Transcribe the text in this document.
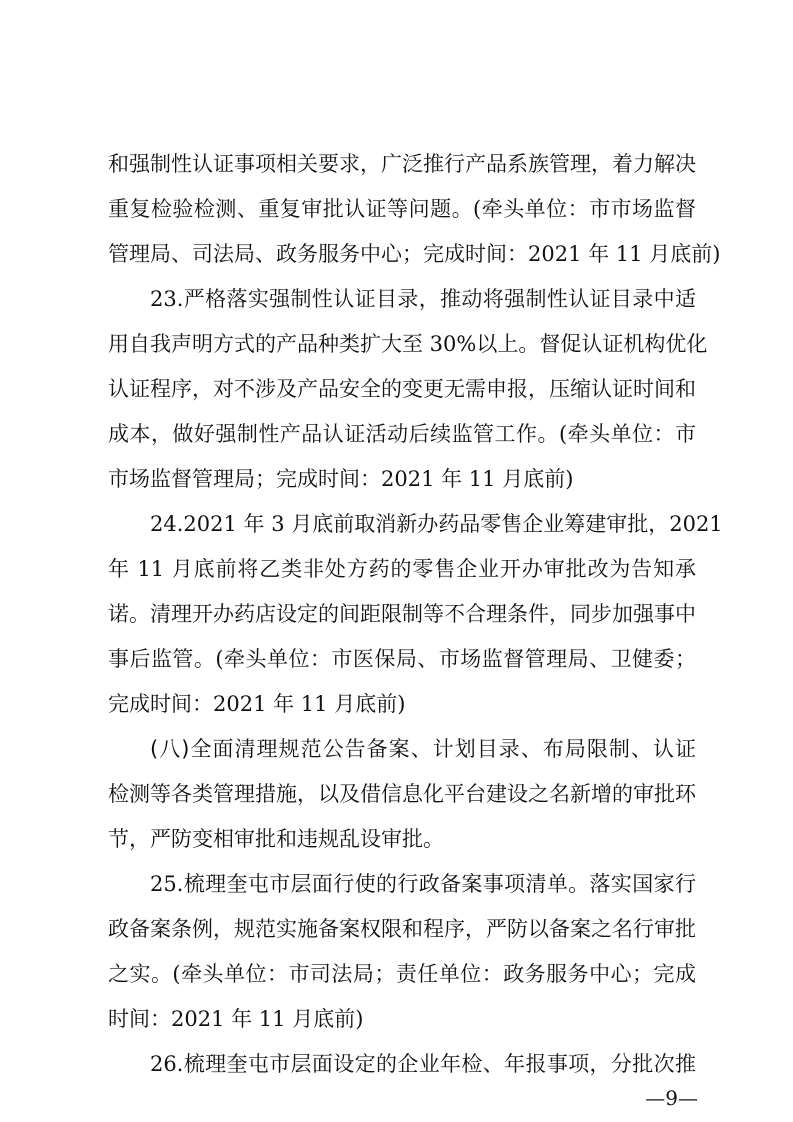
和强制性认证事项相关要求，广泛推行产品系族管理，着力解决
重复检验检测、重复审批认证等问题。(牵头单位：市市场监督
管理局、司法局、政务服务中心；完成时间：2021 年 11 月底前)
23.严格落实强制性认证目录，推动将强制性认证目录中适
用自我声明方式的产品种类扩大至 30%以上。督促认证机构优化
认证程序，对不涉及产品安全的变更无需申报，压缩认证时间和
成本，做好强制性产品认证活动后续监管工作。(牵头单位：市
市场监督管理局；完成时间：2021 年 11 月底前)
24.2021 年 3 月底前取消新办药品零售企业筹建审批，2021
年 11 月底前将乙类非处方药的零售企业开办审批改为告知承
诺。清理开办药店设定的间距限制等不合理条件，同步加强事中
事后监管。(牵头单位：市医保局、市场监督管理局、卫健委；
完成时间：2021 年 11 月底前)
(八)全面清理规范公告备案、计划目录、布局限制、认证
检测等各类管理措施，以及借信息化平台建设之名新增的审批环
节，严防变相审批和违规乱设审批。
25.梳理奎屯市层面行使的行政备案事项清单。落实国家行
政备案条例，规范实施备案权限和程序，严防以备案之名行审批
之实。(牵头单位：市司法局；责任单位：政务服务中心；完成
时间：2021 年 11 月底前)
26.梳理奎屯市层面设定的企业年检、年报事项，分批次推
—9—
